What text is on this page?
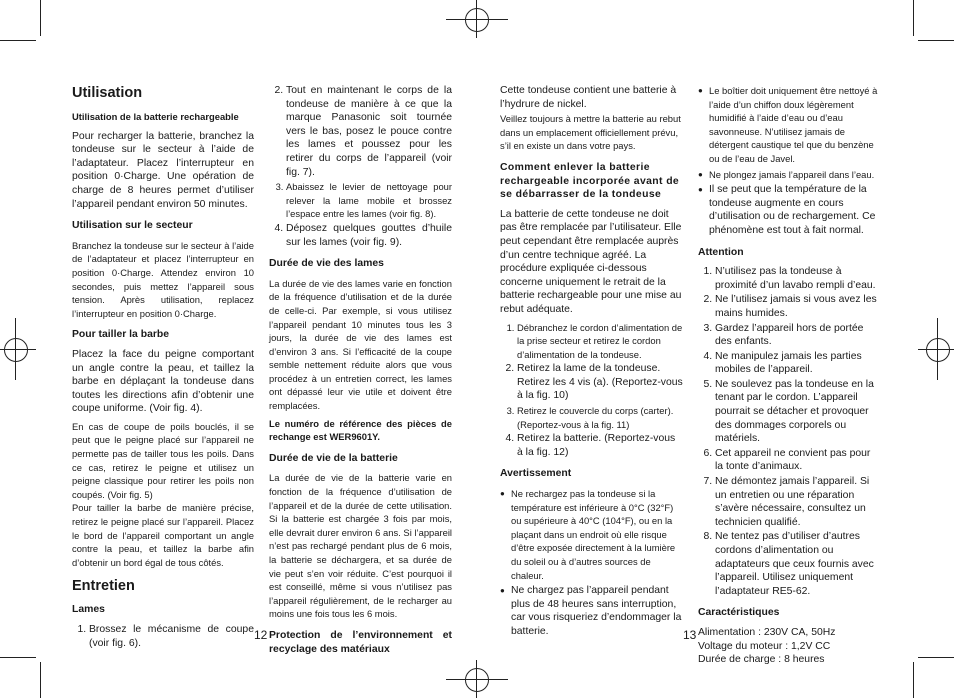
Utilisation
Utilisation de la batterie rechargeable

Pour recharger la batterie, branchez la tondeuse sur le secteur à l’aide de l’adaptateur. Placez l’interrupteur en position 0·Charge. Une opération de charge de 8 heures permet d’utiliser l’appareil pendant environ 50 minutes.

Utilisation sur le secteur

Branchez la tondeuse sur le secteur à l’aide de l’adaptateur et placez l’interrupteur en position 0·Charge. Attendez environ 10 secondes, puis mettez l’appareil sous tension. Après utilisation, replacez l’interrupteur en position 0·Charge.

Pour tailler la barbe

Placez la face du peigne comportant un angle contre la peau, et taillez la barbe en déplaçant la tondeuse dans toutes les directions afin d’obtenir une coupe uniforme. (Voir fig. 4).

En cas de coupe de poils bouclés, il se peut que le peigne placé sur l’appareil ne permette pas de tailler tous les poils. Dans ce cas, retirez le peigne et utilisez un peigne classique pour retirer les poils non coupés. (Voir fig. 5)

Pour tailler la barbe de manière précise, retirez le peigne placé sur l’appareil. Placez le bord de l’appareil comportant un angle contre la peau, et taillez la barbe afin d’obtenir un bord égal de tous côtés.

Entretien
Lames
1. Brossez le mécanisme de coupe (voir fig. 6).
2. Tout en maintenant le corps de la tondeuse de manière à ce que la marque Panasonic soit tournée vers le bas, posez le pouce contre les lames et poussez pour les retirer du corps de l’appareil (voir fig. 7).
3. Abaissez le levier de nettoyage pour relever la lame mobile et brossez l’espace entre les lames (voir fig. 8).
4. Déposez quelques gouttes d’huile sur les lames (voir fig. 9).
Durée de vie des lames

La durée de vie des lames varie en fonction de la fréquence d’utilisation et de la durée de celle-ci. Par exemple, si vous utilisez l’appareil pendant 10 minutes tous les 3 jours, la durée de vie des lames est d’environ 3 ans. Si l’efficacité de la coupe semble nettement réduite alors que vous procédez à un entretien correct, les lames ont dépassé leur vie utile et doivent être remplacées.

Le numéro de référence des pièces de rechange est WER9601Y.
Durée de vie de la batterie

La durée de vie de la batterie varie en fonction de la fréquence d’utilisation de l’appareil et de la durée de cette utilisation. Si la batterie est chargée 3 fois par mois, elle devrait durer environ 6 ans. Si l’appareil n’est pas rechargé pendant plus de 6 mois, la batterie se déchargera, et sa durée de vie peut s’en voir réduite. C’est pourquoi il est conseillé, même si vous n’utilisez pas l’appareil régulièrement, de le recharger au moins une fois tous les 6 mois.

Protection de l’environnement et recyclage des matériaux

Cette tondeuse contient une batterie à l’hydrure de nickel.

Veillez toujours à mettre la batterie au rebut dans un emplacement officiellement prévu, s’il en existe un dans votre pays.

Comment enlever la batterie rechargeable incorporée avant de se débarrasser de la tondeuse

La batterie de cette tondeuse ne doit pas être remplacée par l’utilisateur. Elle peut cependant être remplacée auprès d’un centre technique agréé. La procédure expliquée ci-dessous concerne uniquement le retrait de la batterie rechargeable pour une mise au rebut adéquate.

1. Débranchez le cordon d’alimentation de la prise secteur et retirez le cordon d’alimentation de la tondeuse.
2. Retirez la lame de la tondeuse. Retirez les 4 vis (a). (Reportez-vous à la fig. 10)
3. Retirez le couvercle du corps (carter). (Reportez-vous à la fig. 11)
4. Retirez la batterie. (Reportez-vous à la fig. 12)
Avertissement
● Ne rechargez pas la tondeuse si la température est inférieure à 0°C (32°F) ou supérieure à 40°C (104°F), ou en la plaçant dans un endroit où elle risque d’être exposée directement à la lumière du soleil ou à d’autres sources de chaleur.
● Ne chargez pas l’appareil pendant plus de 48 heures sans interruption, car vous risqueriez d’endommager la batterie.
● Le boîtier doit uniquement être nettoyé à l’aide d’un chiffon doux légèrement humidifié à l’aide d’eau ou d’eau savonneuse. N’utilisez jamais de détergent caustique tel que du benzène ou de l’eau de Javel.
● Ne plongez jamais l’appareil dans l’eau.
● Il se peut que la température de la tondeuse augmente en cours d’utilisation ou de rechargement. Ce phénomène est tout à fait normal.
Attention
1. N’utilisez pas la tondeuse à proximité d’un lavabo rempli d’eau.
2. Ne l’utilisez jamais si vous avez les mains humides.
3. Gardez l’appareil hors de portée des enfants.
4. Ne manipulez jamais les parties mobiles de l’appareil.
5. Ne soulevez pas la tondeuse en la tenant par le cordon. L’appareil pourrait se détacher et provoquer des dommages corporels ou matériels.
6. Cet appareil ne convient pas pour la tonte d’animaux.
7. Ne démontez jamais l’appareil. Si un entretien ou une réparation s’avère nécessaire, consultez un technicien qualifié.
8. Ne tentez pas d’utiliser d’autres cordons d’alimentation ou adaptateurs que ceux fournis avec l’appareil. Utilisez uniquement l’adaptateur RE5-62.
Caractéristiques
Alimentation : 230V CA, 50Hz
Voltage du moteur : 1,2V CC
Durée de charge : 8 heures
12	13
